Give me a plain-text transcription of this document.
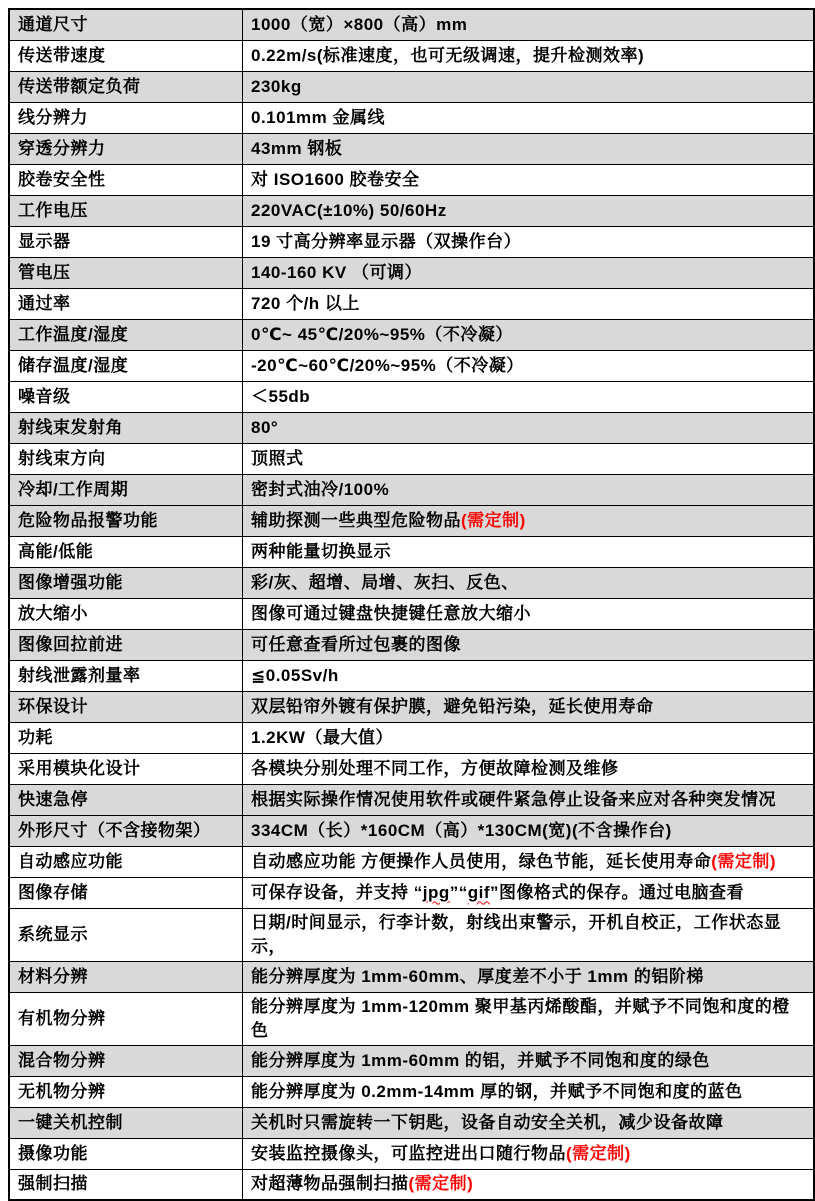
通道尺寸	1000（宽）×800（高）mm
传送带速度	0.22m/s(标准速度，也可无级调速，提升检测效率)
传送带额定负荷	230kg
线分辨力	0.101mm 金属线
穿透分辨力	43mm 钢板
胶卷安全性	对 ISO1600 胶卷安全
工作电压	220VAC(±10%) 50/60Hz
显示器	19 寸高分辨率显示器（双操作台）
管电压	140-160 KV （可调）
通过率	720 个/h 以上
工作温度/湿度	0℃~ 45℃/20%~95%（不冷凝）
储存温度/湿度	-20℃~60℃/20%~95%（不冷凝）
噪音级	＜55db
射线束发射角	80°
射线束方向	顶照式
冷却/工作周期	密封式油冷/100%
危险物品报警功能	辅助探测一些典型危险物品(需定制)
高能/低能	两种能量切换显示
图像增强功能	彩/灰、超增、局增、灰扫、反色、
放大缩小	图像可通过键盘快捷键任意放大缩小
图像回拉前进	可任意查看所过包裹的图像
射线泄露剂量率	≦0.05Sv/h
环保设计	双层铅帘外镀有保护膜，避免铅污染，延长使用寿命
功耗	1.2KW（最大值）
采用模块化设计	各模块分别处理不同工作，方便故障检测及维修
快速急停	根据实际操作情况使用软件或硬件紧急停止设备来应对各种突发情况
外形尺寸（不含接物架）	334CM（长）*160CM（高）*130CM(宽)(不含操作台)
自动感应功能	自动感应功能 方便操作人员使用，绿色节能，延长使用寿命(需定制)
图像存储	可保存设备，并支持 “jpg”“gif”图像格式的保存。通过电脑查看
系统显示	日期/时间显示，行李计数，射线出束警示，开机自校正，工作状态显示，
材料分辨	能分辨厚度为 1mm-60mm、厚度差不小于 1mm 的铝阶梯
有机物分辨	能分辨厚度为 1mm-120mm 聚甲基丙烯酸酯，并赋予不同饱和度的橙色
混合物分辨	能分辨厚度为 1mm-60mm 的铝，并赋予不同饱和度的绿色
无机物分辨	能分辨厚度为 0.2mm-14mm 厚的钢，并赋予不同饱和度的蓝色
一键关机控制	关机时只需旋转一下钥匙，设备自动安全关机，减少设备故障
摄像功能	安装监控摄像头，可监控进出口随行物品(需定制)
强制扫描	对超薄物品强制扫描(需定制)
